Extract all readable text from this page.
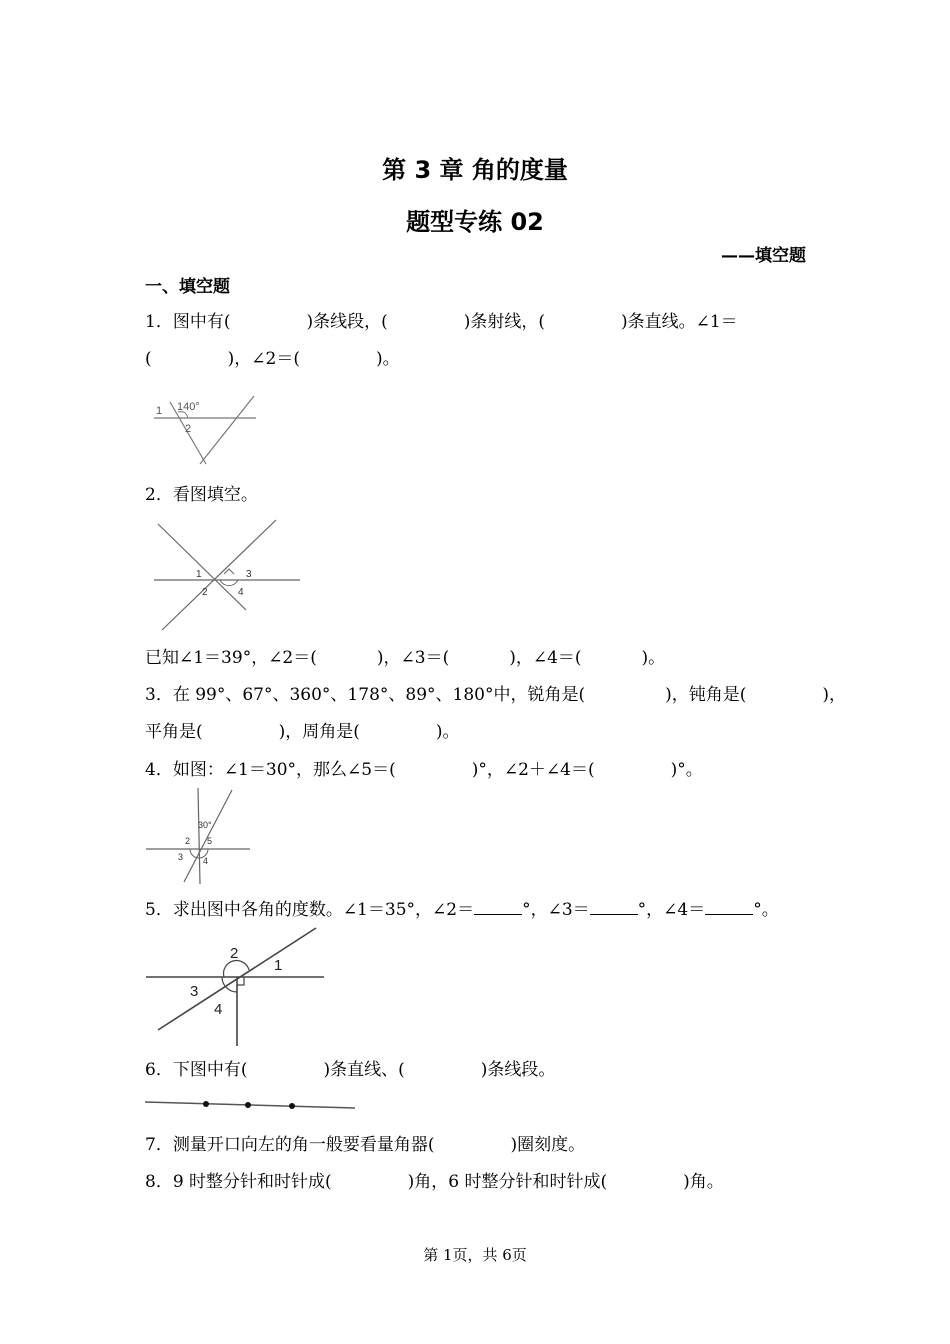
第 3 章 角的度量
题型专练 02
——填空题
一、填空题
1．图中有(	)条线段，(	)条射线，(	)条直线。∠1＝
(	)，∠2＝(	)。
1 140°
2
2．看图填空。
1	3
2	4
已知∠1＝39°，∠2＝(	)，∠3＝(	)，∠4＝(	)。
3．在 99°、67°、360°、178°、89°、180°中，锐角是(	)，钝角是(	)，
平角是(	)，周角是(	)。
4．如图：∠1＝30°，那么∠5＝(	)°，∠2＋∠4＝(	)°。
30°
2 5
3 4
5．求出图中各角的度数。∠1＝35°，∠2＝	°，∠3＝	°，∠4＝	°。
2
1
3
4
6．下图中有(	)条直线、(	)条线段。
7．测量开口向左的角一般要看量角器(	)圈刻度。
8．9 时整分针和时针成(	)角，6 时整分针和时针成(	)角。
第 1页，共 6页
